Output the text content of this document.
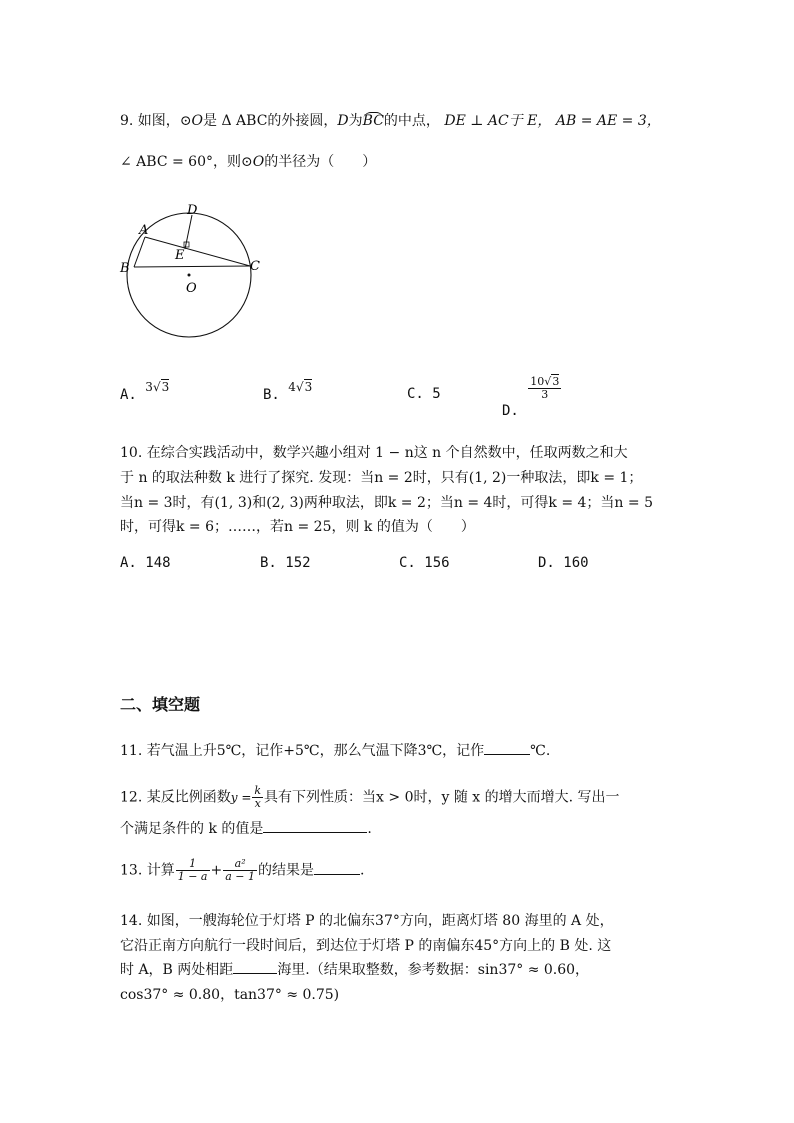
9. 如图，⊙O是 Δ ABC的外接圆，D为BC的中点， DE ⊥ AC于 E， AB = AE = 3，
∠ ABC = 60°，则⊙O的半径为（　　）
A
B	C
D
E
O
A. 3√3	B. 4√3	C. 5
D.
$\frac{10√3}{3}$
10. 在综合实践活动中，数学兴趣小组对 1 − n这 n 个自然数中，任取两数之和大
于 n 的取法种数 k 进行了探究. 发现：当n = 2时，只有(1, 2)一种取法，即k = 1；
当n = 3时，有(1, 3)和(2, 3)两种取法，即k = 2；当n = 4时，可得k = 4；当n = 5
时，可得k = 6；……，若n = 25，则 k 的值为（　　）
A. 148	B. 152	C. 156	D. 160
二、填空题
11. 若气温上升5℃，记作+5℃，那么气温下降3℃，记作	℃.
12. 某反比例函数$y = \frac{k}{x}$ 具有下列性质：当x > 0时，y 随 x 的增大而增大. 写出一
个满足条件的 k 的值是	.
13. 计算 $\frac{1}{1 - a} + \frac{\text{a²}}{a - 1}$ 的结果是	.
14. 如图，一艘海轮位于灯塔 P 的北偏东37°方向，距离灯塔 80 海里的 A 处，
它沿正南方向航行一段时间后，到达位于灯塔 P 的南偏东45°方向上的 B 处. 这
时 A，B 两处相距	海里.（结果取整数，参考数据：sin37° ≈ 0.60，
cos37° ≈ 0.80，tan37° ≈ 0.75)
